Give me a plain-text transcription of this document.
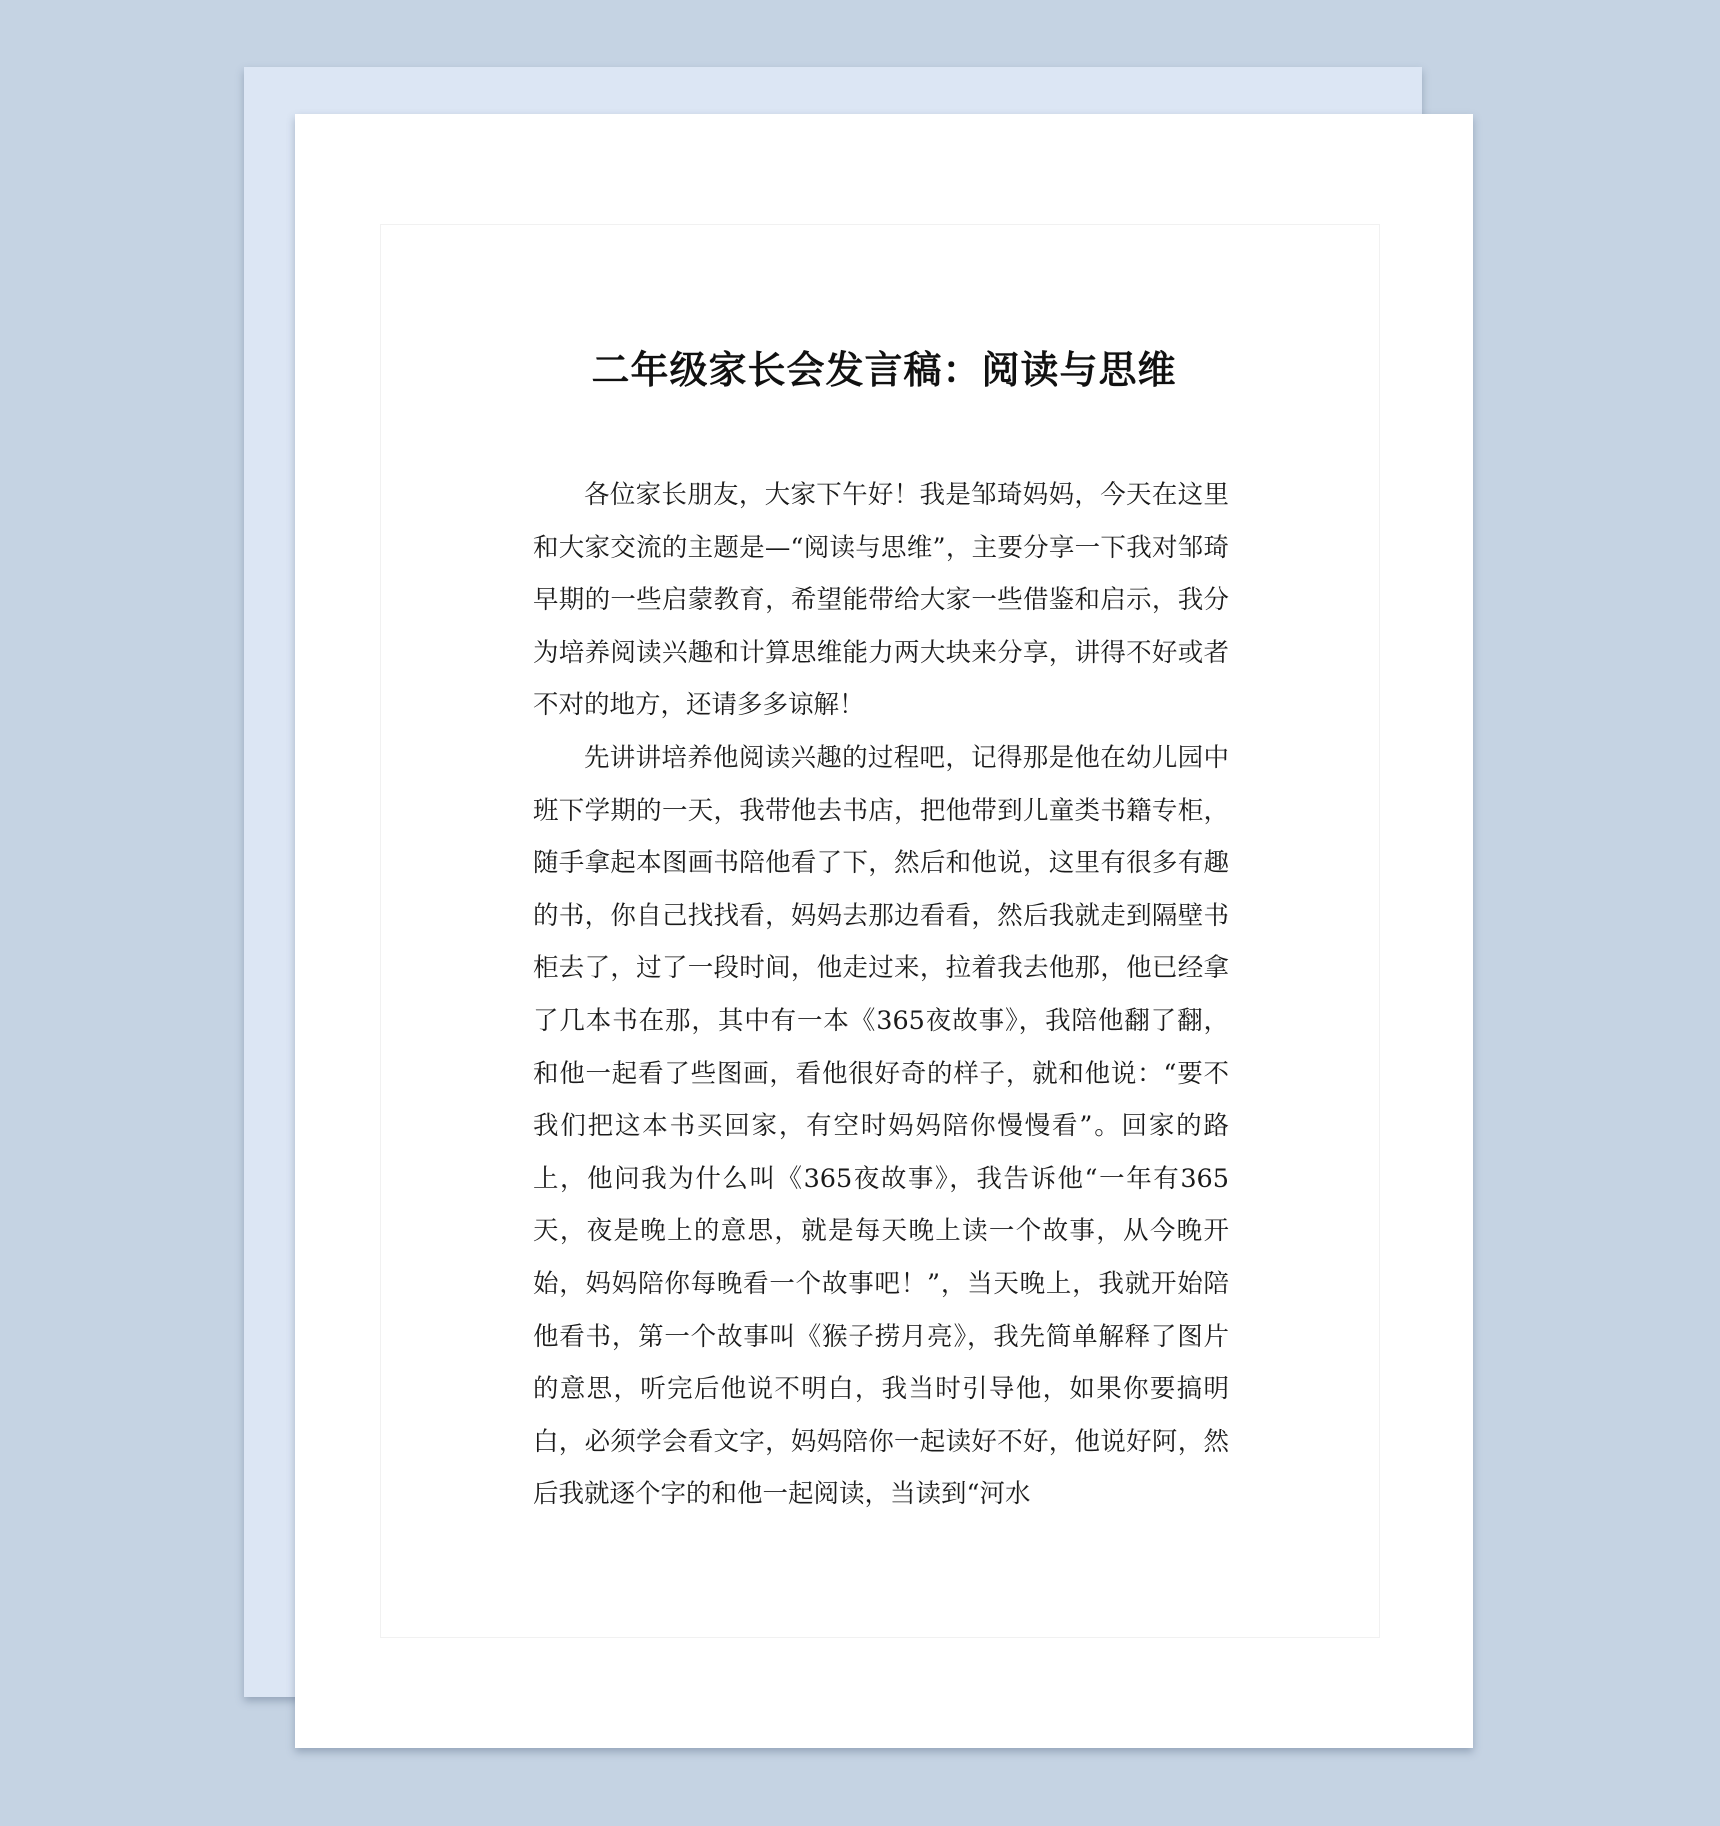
二年级家长会发言稿：阅读与思维

各位家长朋友，大家下午好！我是邹琦妈妈，今天在这里和大家交流的主题是—“阅读与思维”，主要分享一下我对邹琦早期的一些启蒙教育，希望能带给大家一些借鉴和启示，我分为培养阅读兴趣和计算思维能力两大块来分享，讲得不好或者不对的地方，还请多多谅解！

先讲讲培养他阅读兴趣的过程吧，记得那是他在幼儿园中班下学期的一天，我带他去书店，把他带到儿童类书籍专柜，随手拿起本图画书陪他看了下，然后和他说，这里有很多有趣的书，你自己找找看，妈妈去那边看看，然后我就走到隔壁书柜去了，过了一段时间，他走过来，拉着我去他那，他已经拿了几本书在那，其中有一本《365夜故事》，我陪他翻了翻，和他一起看了些图画，看他很好奇的样子，就和他说：“要不我们把这本书买回家，有空时妈妈陪你慢慢看”。回家的路上，他问我为什么叫《365夜故事》，我告诉他“一年有365天，夜是晚上的意思，就是每天晚上读一个故事，从今晚开始，妈妈陪你每晚看一个故事吧！”，当天晚上，我就开始陪他看书，第一个故事叫《猴子捞月亮》，我先简单解释了图片的意思，听完后他说不明白，我当时引导他，如果你要搞明白，必须学会看文字，妈妈陪你一起读好不好，他说好阿，然后我就逐个字的和他一起阅读，当读到“河水
